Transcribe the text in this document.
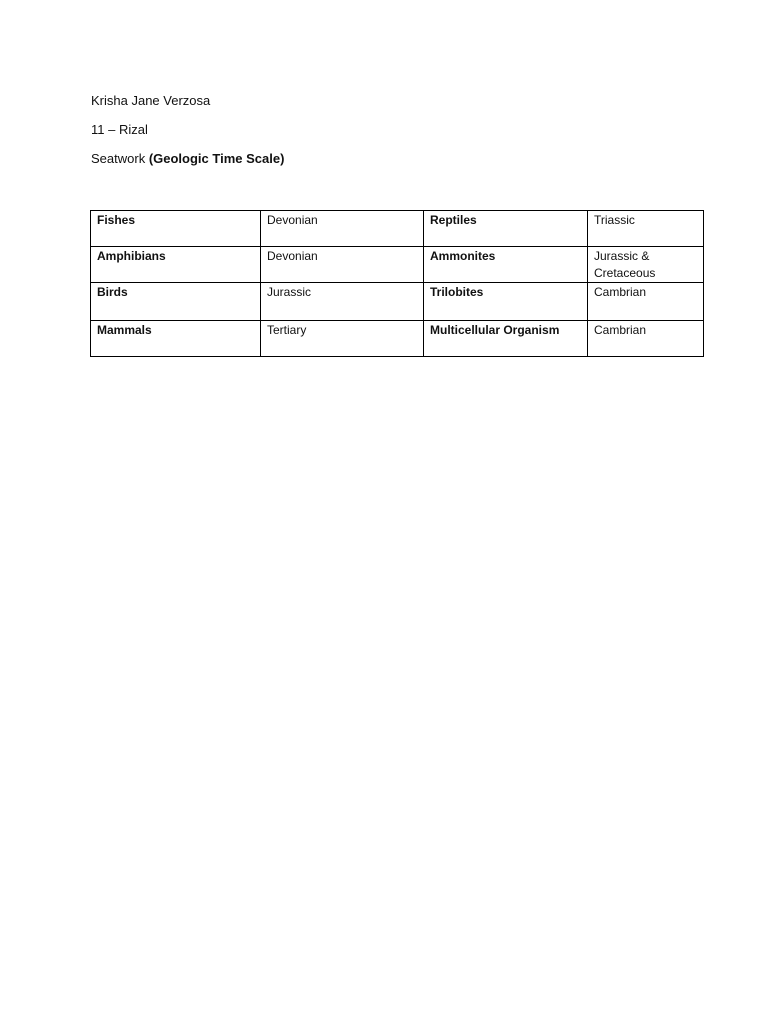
Krisha Jane Verzosa
11 – Rizal
Seatwork (Geologic Time Scale)
Fishes	Devonian	Reptiles	Triassic
Amphibians	Devonian	Ammonites	Jurassic & Cretaceous
Birds	Jurassic	Trilobites	Cambrian
Mammals	Tertiary	Multicellular Organism	Cambrian
